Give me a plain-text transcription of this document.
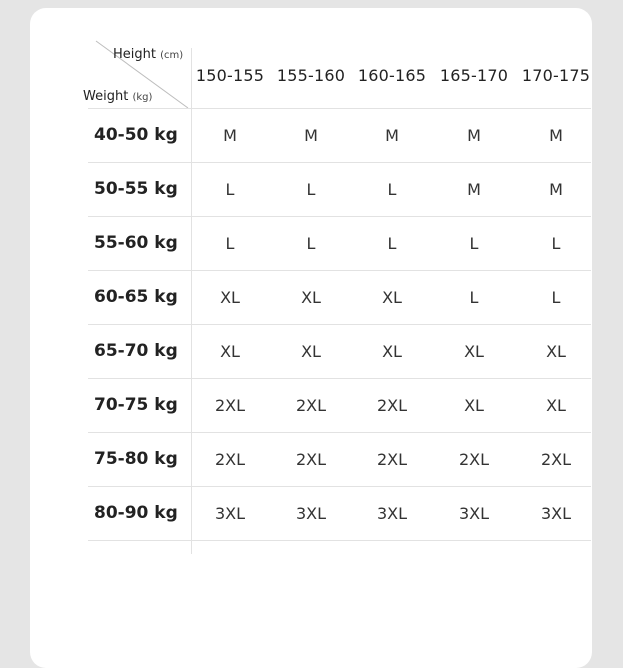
Height (cm)
Weight (kg)
150-155 155-160 160-165 165-170 170-175
40-50 kg	M	M	M	M	M
50-55 kg	L	L	L	M	M
55-60 kg	L	L	L	L	L
60-65 kg	XL	XL	XL	L	L
65-70 kg	XL	XL	XL	XL	XL
70-75 kg	2XL	2XL	2XL	XL	XL
75-80 kg	2XL	2XL	2XL	2XL	2XL
80-90 kg	3XL	3XL	3XL	3XL	3XL
